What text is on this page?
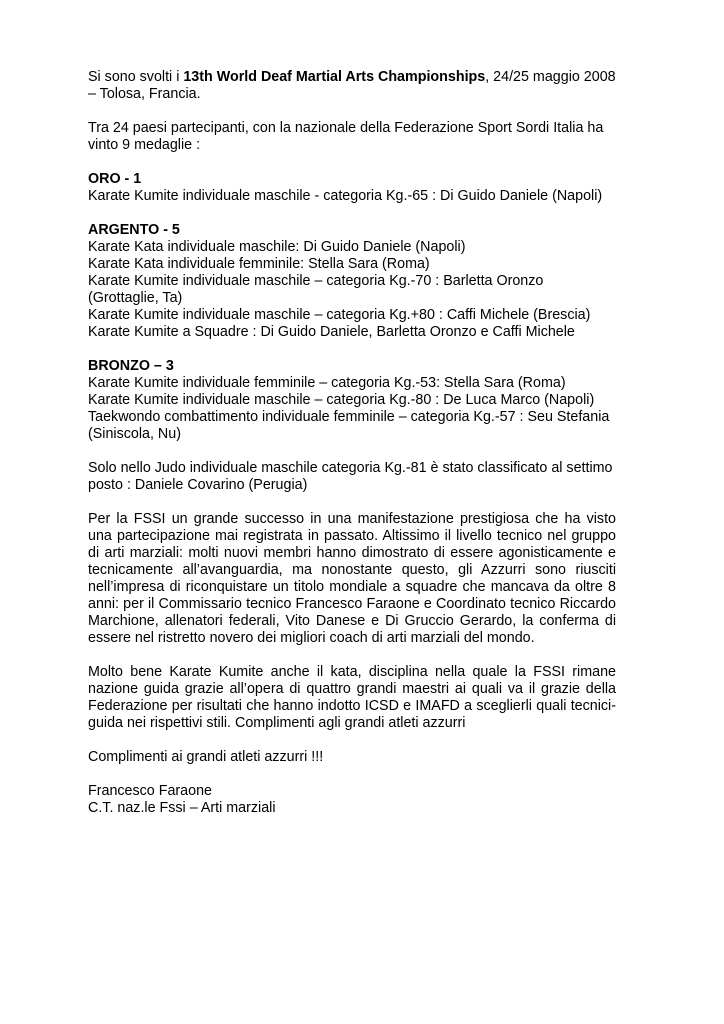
Si sono svolti i 13th World Deaf Martial Arts Championships, 24/25 maggio 2008 – Tolosa, Francia.

Tra 24 paesi partecipanti, con la nazionale della Federazione Sport Sordi Italia ha vinto 9 medaglie :

ORO - 1
Karate Kumite individuale maschile - categoria Kg.-65 : Di Guido Daniele (Napoli)
ARGENTO - 5
Karate Kata individuale maschile: Di Guido Daniele (Napoli)
Karate Kata individuale femminile: Stella Sara (Roma)
Karate Kumite individuale maschile – categoria Kg.-70 : Barletta Oronzo (Grottaglie, Ta)
Karate Kumite individuale maschile – categoria Kg.+80 : Caffi Michele (Brescia)
Karate Kumite a Squadre : Di Guido Daniele, Barletta Oronzo e Caffi Michele
BRONZO – 3
Karate Kumite individuale femminile – categoria Kg.-53: Stella Sara (Roma)
Karate Kumite individuale maschile – categoria Kg.-80 : De Luca Marco (Napoli)
Taekwondo combattimento individuale femminile – categoria Kg.-57 : Seu Stefania (Siniscola, Nu)

Solo nello Judo individuale maschile categoria Kg.-81 è stato classificato al settimo posto : Daniele Covarino (Perugia)

Per la FSSI un grande successo in una manifestazione prestigiosa che ha visto una partecipazione mai registrata in passato. Altissimo il livello tecnico nel gruppo di arti marziali: molti nuovi membri hanno dimostrato di essere agonisticamente e tecnicamente all’avanguardia, ma nonostante questo, gli Azzurri sono riusciti nell’impresa di riconquistare un titolo mondiale a squadre che mancava da oltre 8 anni: per il Commissario tecnico Francesco Faraone e Coordinato tecnico Riccardo Marchione, allenatori federali, Vito Danese e Di Gruccio Gerardo, la conferma di essere nel ristretto novero dei migliori coach di arti marziali del mondo.

Molto bene Karate Kumite anche il kata, disciplina nella quale la FSSI rimane nazione guida grazie all’opera di quattro grandi maestri ai quali va il grazie della Federazione per risultati che hanno indotto ICSD e IMAFD a sceglierli quali tecnici-guida nei rispettivi stili. Complimenti agli grandi atleti azzurri

Complimenti ai grandi atleti azzurri !!!

Francesco Faraone
C.T. naz.le Fssi – Arti marziali
